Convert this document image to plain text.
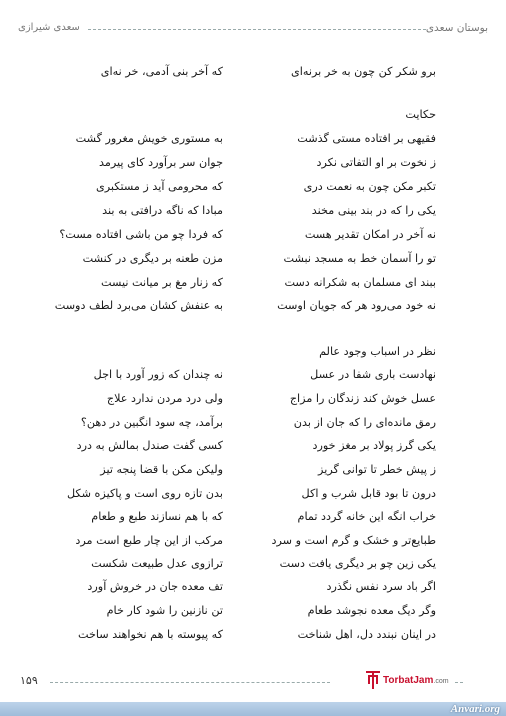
بوستان سعدی
سعدی شیرازی
برو شکر کن چون به خر برنه‌ای
که آخر بنی آدمی، خر نه‌ای
حکایت
فقیهی بر افتاده مستی گذشت
به مستوری خویش مغرور گشت
ز نخوت بر او التفاتی نکرد
جوان سر برآورد کای پیرمد
تکبر مکن چون به نعمت دری
که محرومی آید ز مستکبری
یکی را که در بند بینی مخند
مبادا که ناگه درافتی به بند
نه آخر در امکان تقدیر هست
که فردا چو من باشی افتاده مست؟
تو را آسمان خط به مسجد نبشت
مزن طعنه بر دیگری در کنشت
ببند ای مسلمان به شکرانه دست
که زنار مغ بر میانت نیست
نه خود می‌رود هر که جویان اوست
به عنفش کشان می‌برد لطف دوست
نظر در اسباب وجود عالم
نهادست باری شفا در عسل
نه چندان که زور آورد با اجل
عسل خوش کند زندگان را مزاج
ولی درد مردن ندارد علاج
رمق مانده‌ای را که جان از بدن
برآمد، چه سود انگبین در دهن؟
یکی گرز پولاد بر مغز خورد
کسی گفت صندل بمالش به درد
ز پیش خطر تا توانی گریز
ولیکن مکن با قضا پنجه تیز
درون تا بود قابل شرب و اکل
بدن تازه روی است و پاکیزه شکل
خراب انگه این خانه گردد تمام
که با هم نسازند طبع و طعام
طبایع‌تر و خشک و گرم است و سرد
مرکب از این چار طبع است مرد
یکی زین چو بر دیگری یافت دست
ترازوی عدل طبیعت شکست
اگر باد سرد نفس نگذرد
تف معده جان در خروش آورد
وگر دیگ معده نجوشد طعام
تن نازنین را شود کار خام
در اینان نبندد دل، اهل شناخت
که پیوسته با هم نخواهند ساخت
۱۵۹	TorbatJam.com
Anvari.org
